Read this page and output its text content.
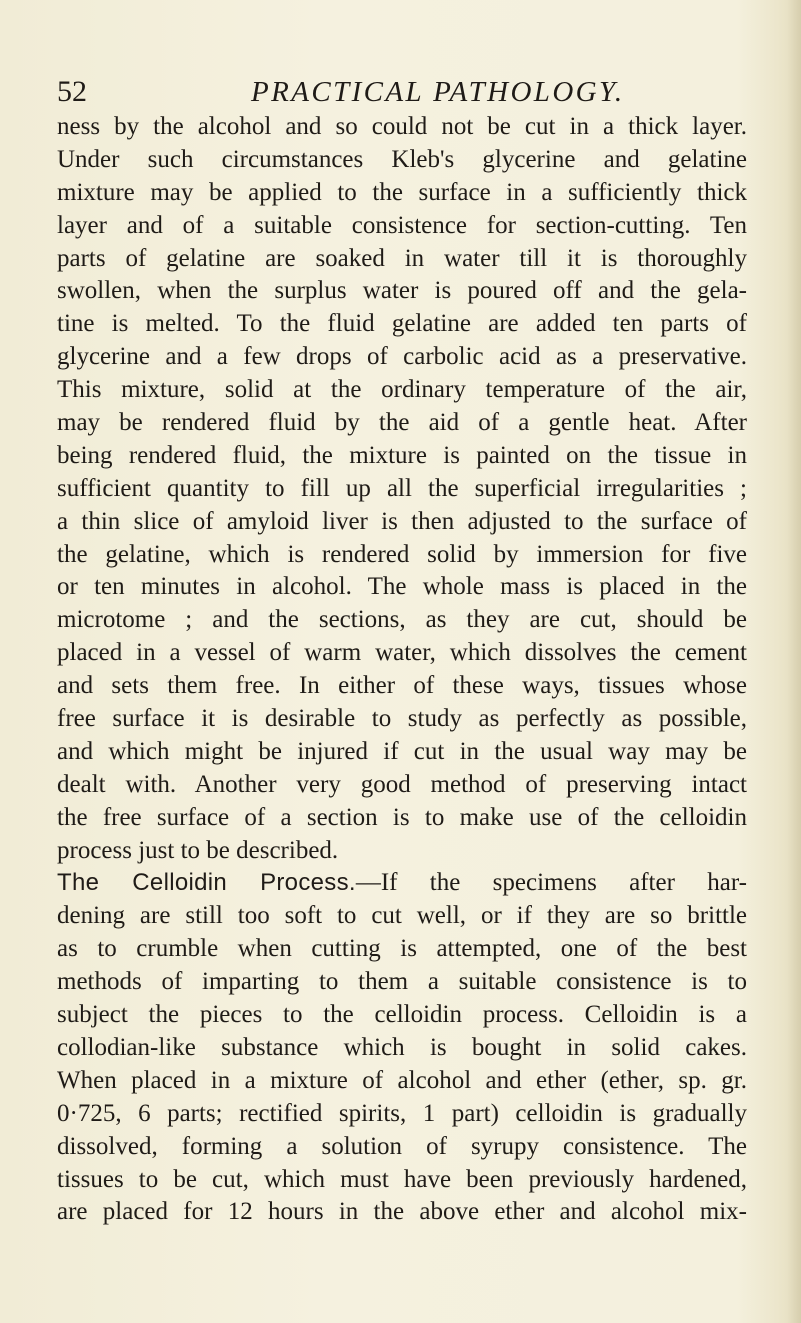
52	PRACTICAL PATHOLOGY.
ness by the alcohol and so could not be cut in a thick layer.
Under such circumstances Kleb's glycerine and gelatine
mixture may be applied to the surface in a sufficiently thick
layer and of a suitable consistence for section-cutting. Ten
parts of gelatine are soaked in water till it is thoroughly
swollen, when the surplus water is poured off and the gela-
tine is melted. To the fluid gelatine are added ten parts of
glycerine and a few drops of carbolic acid as a preservative.
This mixture, solid at the ordinary temperature of the air,
may be rendered fluid by the aid of a gentle heat. After
being rendered fluid, the mixture is painted on the tissue in
sufficient quantity to fill up all the superficial irregularities ;
a thin slice of amyloid liver is then adjusted to the surface of
the gelatine, which is rendered solid by immersion for five
or ten minutes in alcohol. The whole mass is placed in the
microtome ; and the sections, as they are cut, should be
placed in a vessel of warm water, which dissolves the cement
and sets them free. In either of these ways, tissues whose
free surface it is desirable to study as perfectly as possible,
and which might be injured if cut in the usual way may be
dealt with. Another very good method of preserving intact
the free surface of a section is to make use of the celloidin
process just to be described.
The Celloidin Process.—If the specimens after har-
dening are still too soft to cut well, or if they are so brittle
as to crumble when cutting is attempted, one of the best
methods of imparting to them a suitable consistence is to
subject the pieces to the celloidin process. Celloidin is a
collodian-like substance which is bought in solid cakes.
When placed in a mixture of alcohol and ether (ether, sp. gr.
0·725, 6 parts; rectified spirits, 1 part) celloidin is gradually
dissolved, forming a solution of syrupy consistence. The
tissues to be cut, which must have been previously hardened,
are placed for 12 hours in the above ether and alcohol mix-
